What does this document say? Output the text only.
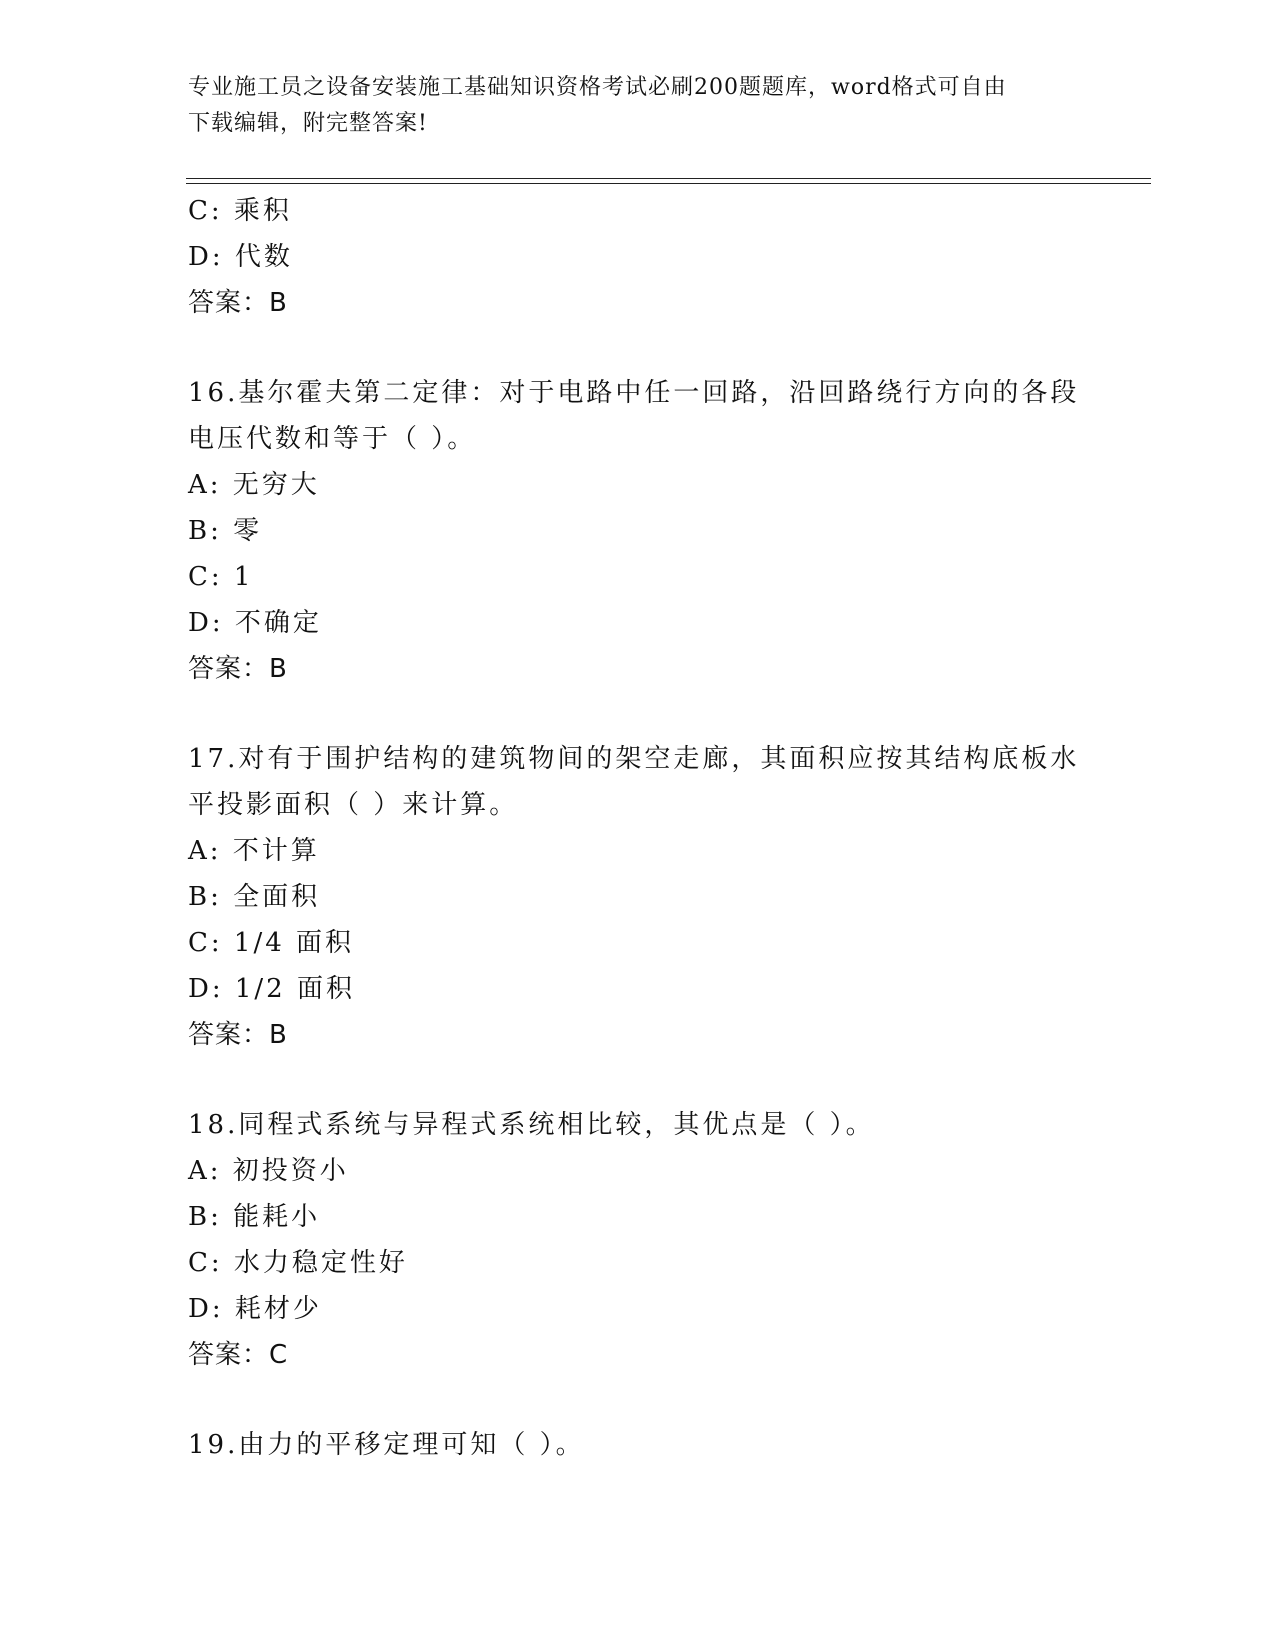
专业施工员之设备安装施工基础知识资格考试必刷200题题库，word格式可自由
下载编辑，附完整答案!
C: 乘积
D: 代数
答案：B
16.基尔霍夫第二定律：对于电路中任一回路，沿回路绕行方向的各段
电压代数和等于（ ）。
A: 无穷大
B: 零
C: 1
D: 不确定
答案：B
17.对有于围护结构的建筑物间的架空走廊，其面积应按其结构底板水
平投影面积（ ）来计算。
A: 不计算
B: 全面积
C: 1/4 面积
D: 1/2 面积
答案：B
18.同程式系统与异程式系统相比较，其优点是（ ）。
A: 初投资小
B: 能耗小
C: 水力稳定性好
D: 耗材少
答案：C
19.由力的平移定理可知（ ）。
